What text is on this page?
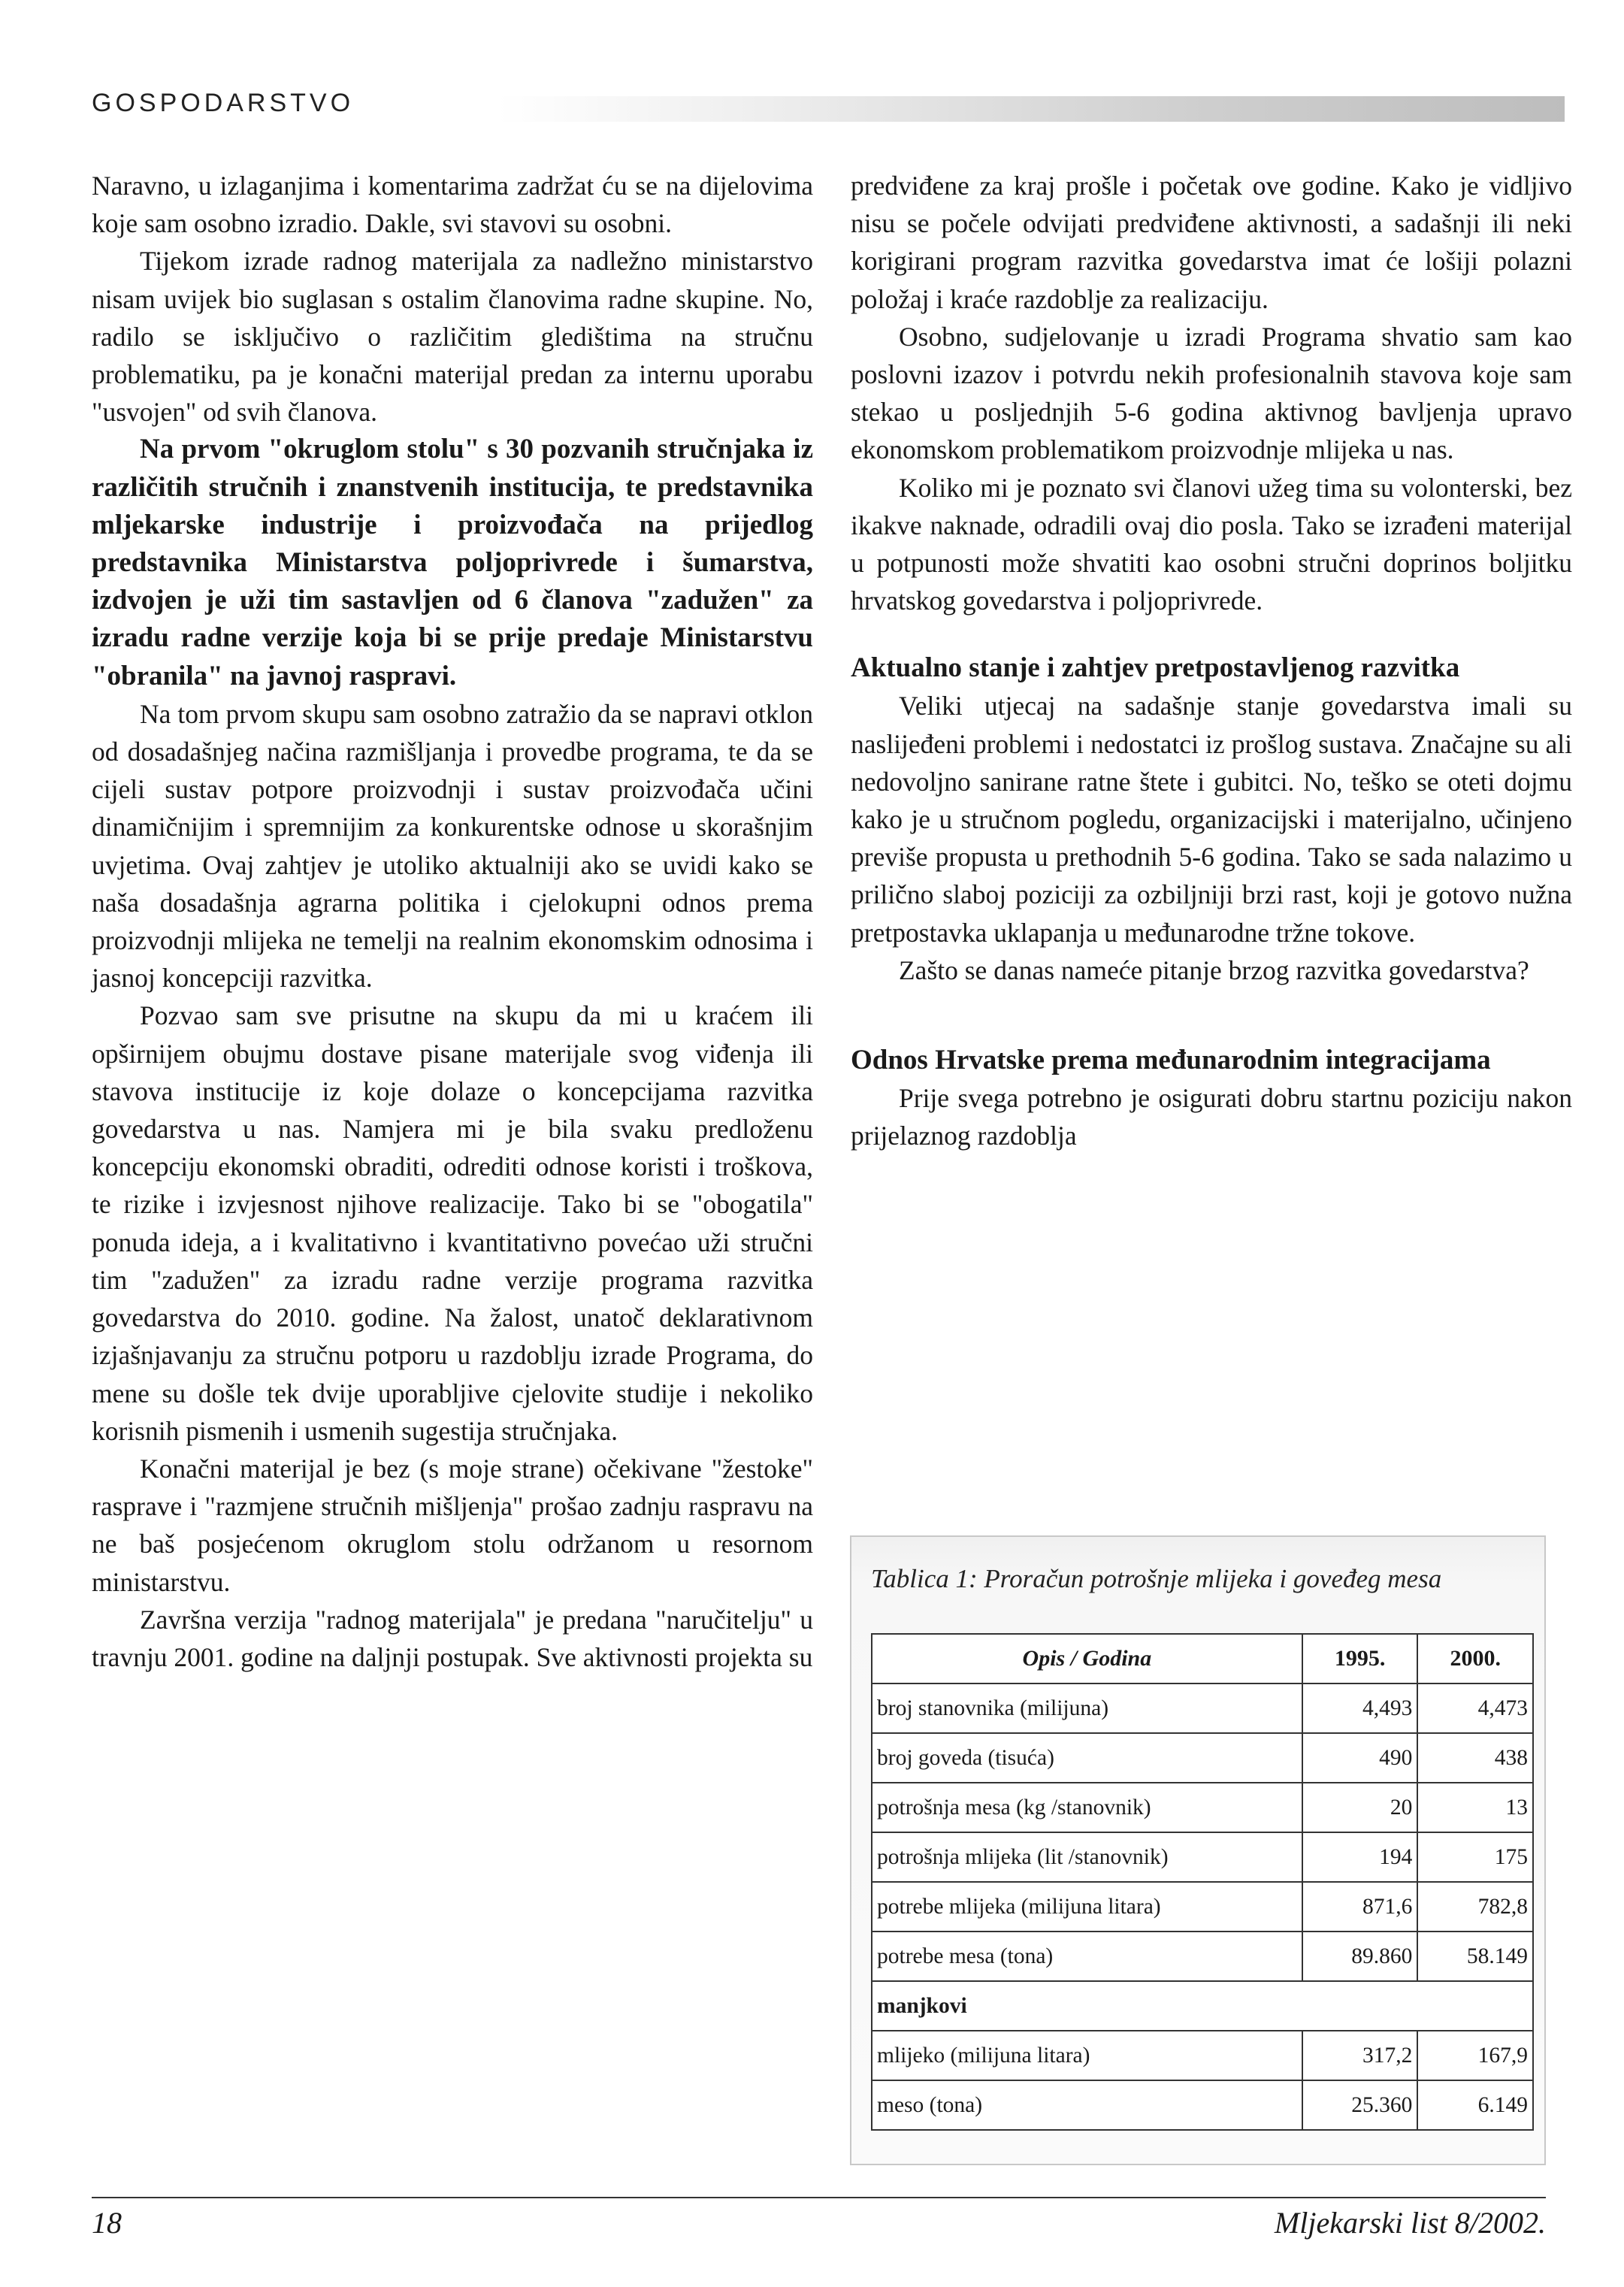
GOSPODARSTVO

Naravno, u izlaganjima i komentarima zadržat ću se na dijelovima koje sam osobno izradio. Dakle, svi stavovi su osobni.

Tijekom izrade radnog materijala za nadležno ministarstvo nisam uvijek bio suglasan s ostalim članovima radne skupine. No, radilo se isključivo o različitim gledištima na stručnu problematiku, pa je konačni materijal predan za internu uporabu "usvojen" od svih članova.

Na prvom "okruglom stolu" s 30 pozvanih stručnjaka iz različitih stručnih i znanstvenih institucija, te predstavnika mljekarske industrije i proizvođača na prijedlog predstavnika Ministarstva poljoprivrede i šumarstva, izdvojen je uži tim sastavljen od 6 članova "zadužen" za izradu radne verzije koja bi se prije predaje Ministarstvu "obranila" na javnoj raspravi.

Na tom prvom skupu sam osobno zatražio da se napravi otklon od dosadašnjeg načina razmišljanja i provedbe programa, te da se cijeli sustav potpore proizvodnji i sustav proizvođača učini dinamičnijim i spremnijim za konkurentske odnose u skorašnjim uvjetima. Ovaj zahtjev je utoliko aktualniji ako se uvidi kako se naša dosadašnja agrarna politika i cjelokupni odnos prema proizvodnji mlijeka ne temelji na realnim ekonomskim odnosima i jasnoj koncepciji razvitka.

Pozvao sam sve prisutne na skupu da mi u kraćem ili opširnijem obujmu dostave pisane materijale svog viđenja ili stavova institucije iz koje dolaze o koncepcijama razvitka govedarstva u nas. Namjera mi je bila svaku predloženu koncepciju ekonomski obraditi, odrediti odnose koristi i troškova, te rizike i izvjesnost njihove realizacije. Tako bi se "obogatila" ponuda ideja, a i kvalitativno i kvantitativno povećao uži stručni tim "zadužen" za izradu radne verzije programa razvitka govedarstva do 2010. godine. Na žalost, unatoč deklarativnom izjašnjavanju za stručnu potporu u razdoblju izrade Programa, do mene su došle tek dvije uporabljive cjelovite studije i nekoliko korisnih pismenih i usmenih sugestija stručnjaka.

Konačni materijal je bez (s moje strane) očekivane "žestoke" rasprave i "razmjene stručnih mišljenja" prošao zadnju raspravu na ne baš posjećenom okruglom stolu održanom u resornom ministarstvu.

Završna verzija "radnog materijala" je predana "naručitelju" u travnju 2001. godine na daljnji postupak. Sve aktivnosti projekta su

predviđene za kraj prošle i početak ove godine. Kako je vidljivo nisu se počele odvijati predviđene aktivnosti, a sadašnji ili neki korigirani program razvitka govedarstva imat će lošiji polazni položaj i kraće razdoblje za realizaciju.

Osobno, sudjelovanje u izradi Programa shvatio sam kao poslovni izazov i potvrdu nekih profesionalnih stavova koje sam stekao u posljednjih 5-6 godina aktivnog bavljenja upravo ekonomskom problematikom proizvodnje mlijeka u nas.

Koliko mi je poznato svi članovi užeg tima su volonterski, bez ikakve naknade, odradili ovaj dio posla. Tako se izrađeni materijal u potpunosti može shvatiti kao osobni stručni doprinos boljitku hrvatskog govedarstva i poljoprivrede.

Aktualno stanje i zahtjev pretpostavljenog razvitka

Veliki utjecaj na sadašnje stanje govedarstva imali su naslijeđeni problemi i nedostatci iz prošlog sustava. Značajne su ali nedovoljno sanirane ratne štete i gubitci. No, teško se oteti dojmu kako je u stručnom pogledu, organizacijski i materijalno, učinjeno previše propusta u prethodnih 5-6 godina. Tako se sada nalazimo u prilično slaboj poziciji za ozbiljniji brzi rast, koji je gotovo nužna pretpostavka uklapanja u međunarodne tržne tokove.

Zašto se danas nameće pitanje brzog razvitka govedarstva?

Odnos Hrvatske prema međunarodnim integracijama

Prije svega potrebno je osigurati dobru startnu poziciju nakon prijelaznog razdoblja

Tablica 1: Proračun potrošnje mlijeka i govеđeg mesa
Opis / Godina	1995.	2000.
broj stanovnika (milijuna)	4,493	4,473
broj goveda (tisuća)	490	438
potrošnja mesa (kg /stanovnik)	20	13
potrošnja mlijeka (lit /stanovnik)	194	175
potrebe mlijeka (milijuna litara)	871,6	782,8
potrebe mesa (tona)	89.860	58.149
manjkovi		
mlijeko (milijuna litara)	317,2	167,9
meso (tona)	25.360	6.149
18	Mljekarski list 8/2002.
